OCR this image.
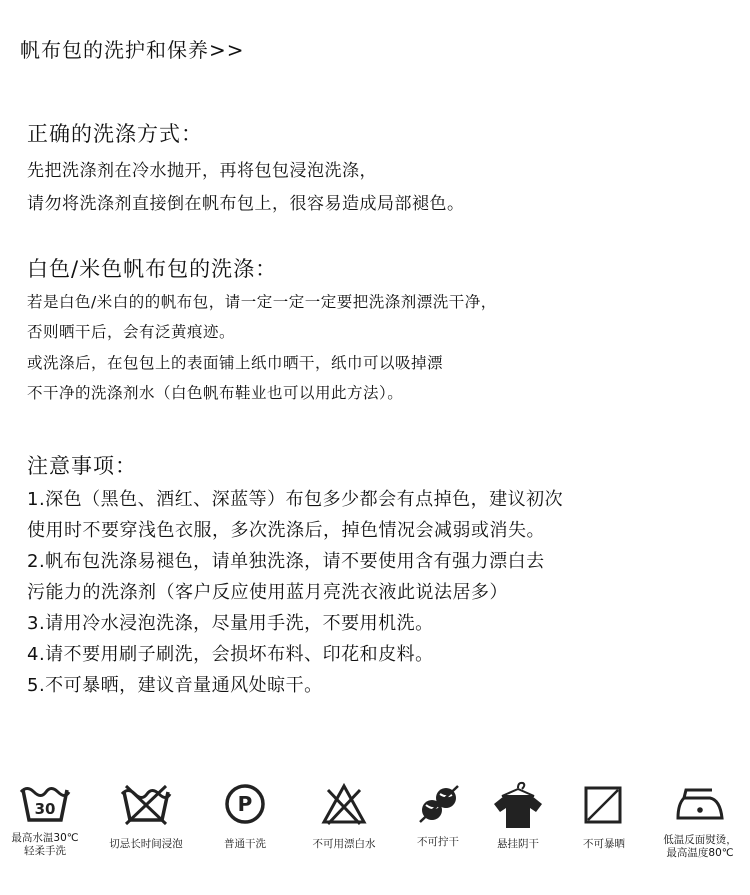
帆布包的洗护和保养>>
正确的洗涤方式：
先把洗涤剂在冷水抛开，再将包包浸泡洗涤，
请勿将洗涤剂直接倒在帆布包上，很容易造成局部褪色。
白色/米色帆布包的洗涤：
若是白色/米白的的帆布包，请一定一定一定要把洗涤剂漂洗干净，
否则晒干后，会有泛黄痕迹。
或洗涤后，在包包上的表面铺上纸巾晒干，纸巾可以吸掉漂
不干净的洗涤剂水（白色帆布鞋业也可以用此方法）。
注意事项：
1.深色（黑色、酒红、深蓝等）布包多少都会有点掉色，建议初次
使用时不要穿浅色衣服，多次洗涤后，掉色情况会减弱或消失。
2.帆布包洗涤易褪色，请单独洗涤，请不要使用含有强力漂白去
污能力的洗涤剂（客户反应使用蓝月亮洗衣液此说法居多）
3.请用冷水浸泡洗涤，尽量用手洗，不要用机洗。
4.请不要用刷子刷洗，会损坏布料、印花和皮料。
5.不可暴晒，建议音量通风处晾干。
30
最高水温30℃
轻柔手洗
切忌长时间浸泡
P
普通干洗	不可用漂白水	不可拧干	悬挂阴干	不可暴晒	低温反面熨烫，
最高温度80℃
